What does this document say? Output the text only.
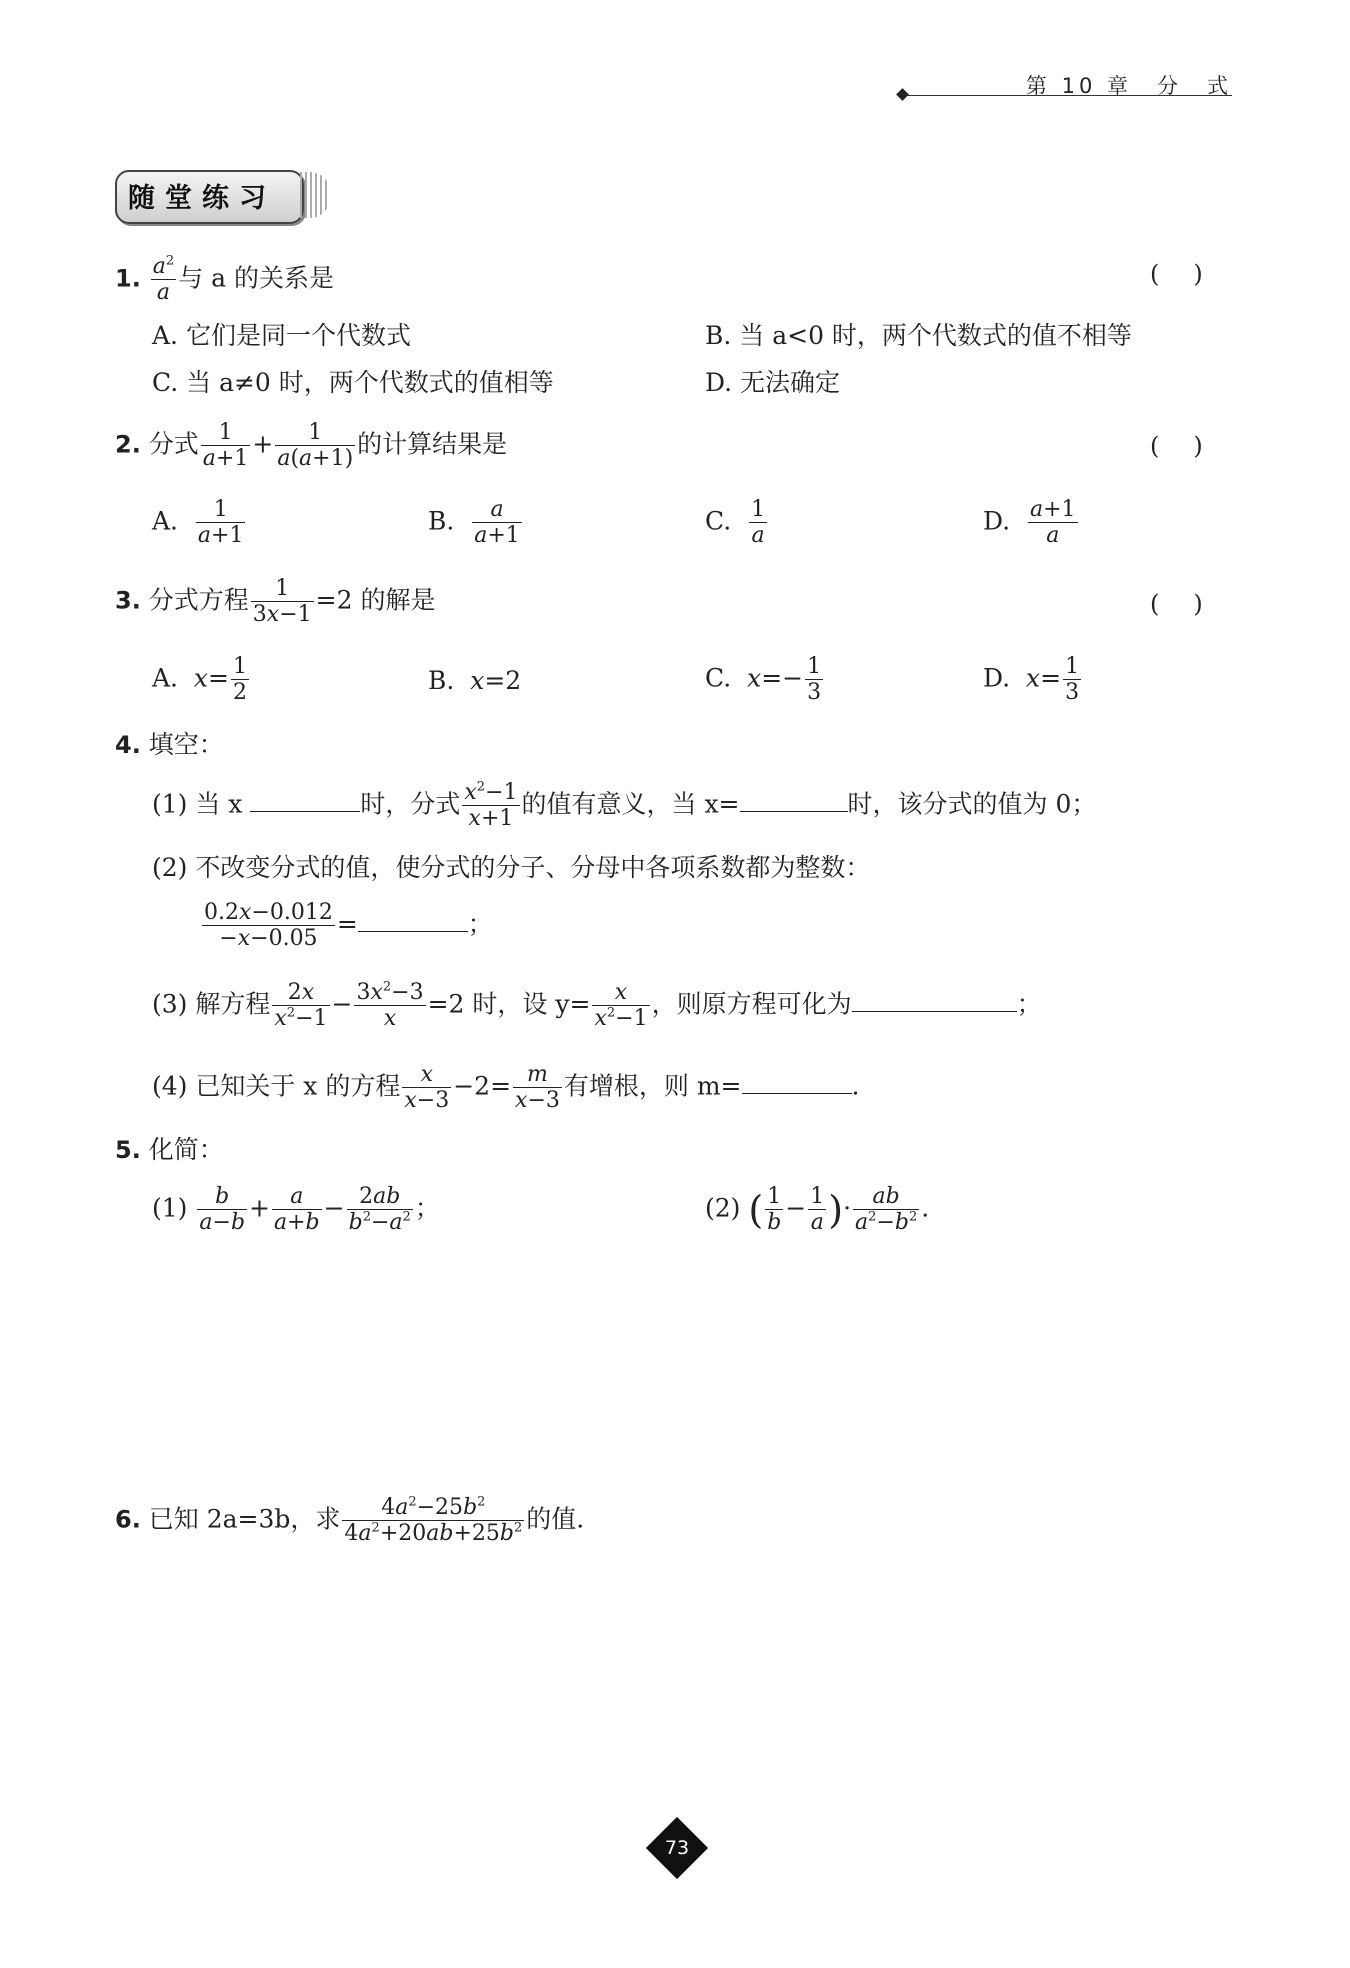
第 10 章　分　式
随堂练习
1. $\frac{a^2}{a}$ 与 a 的关系是	()
A. 它们是同一个代数式	B. 当 a<0 时，两个代数式的值不相等
C. 当 a≠0 时，两个代数式的值相等	D. 无法确定
2. 分式 $\frac{1}{a+1} + \frac{1}{a(a+1)}$ 的计算结果是	()
A. $\frac{1}{a+1}$	B. $\frac{a}{a+1}$	C. $\frac{1}{a}$	D. $\frac{a+1}{a}$
3. 分式方程 $\frac{1}{3x-1} =2$ 的解是	()
A.  $x= \frac{1}{2}$	B.  x=2	C.  $x=- \frac{1}{3}$	D.  $x= \frac{1}{3}$
4. 填空：
(1) 当 x	时，分式 $\frac{x^2-1}{x+1}$ 的值有意义，当 x=	时，该分式的值为 0；
(2) 不改变分式的值，使分式的分子、分母中各项系数都为整数：
$\frac{0.2x-0.012}{-x-0.05}$ =	；
(3) 解方程 $\frac{2x}{x^2-1} - \frac{3x^2-3}{x} =2$ 时，设 $y= \frac{x}{x^2-1}$ ，则原方程可化为	；
(4) 已知关于 x 的方程 $\frac{x}{x-3} -2= \frac{m}{x-3}$ 有增根，则 m=	.
5. 化简：
$(1) \frac{b}{a-b} + \frac{a}{a+b} - \frac{2ab}{b^2-a^2}$ ；	(2) ( $\frac{1}{b} - \frac{1}{a}$ )· $\frac{ab}{a^2-b^2}$ .
6. 已知 2a=3b，求 $\frac{4a^2-25b^2}{4a^2+20ab+25b^2}$ 的值.
73
